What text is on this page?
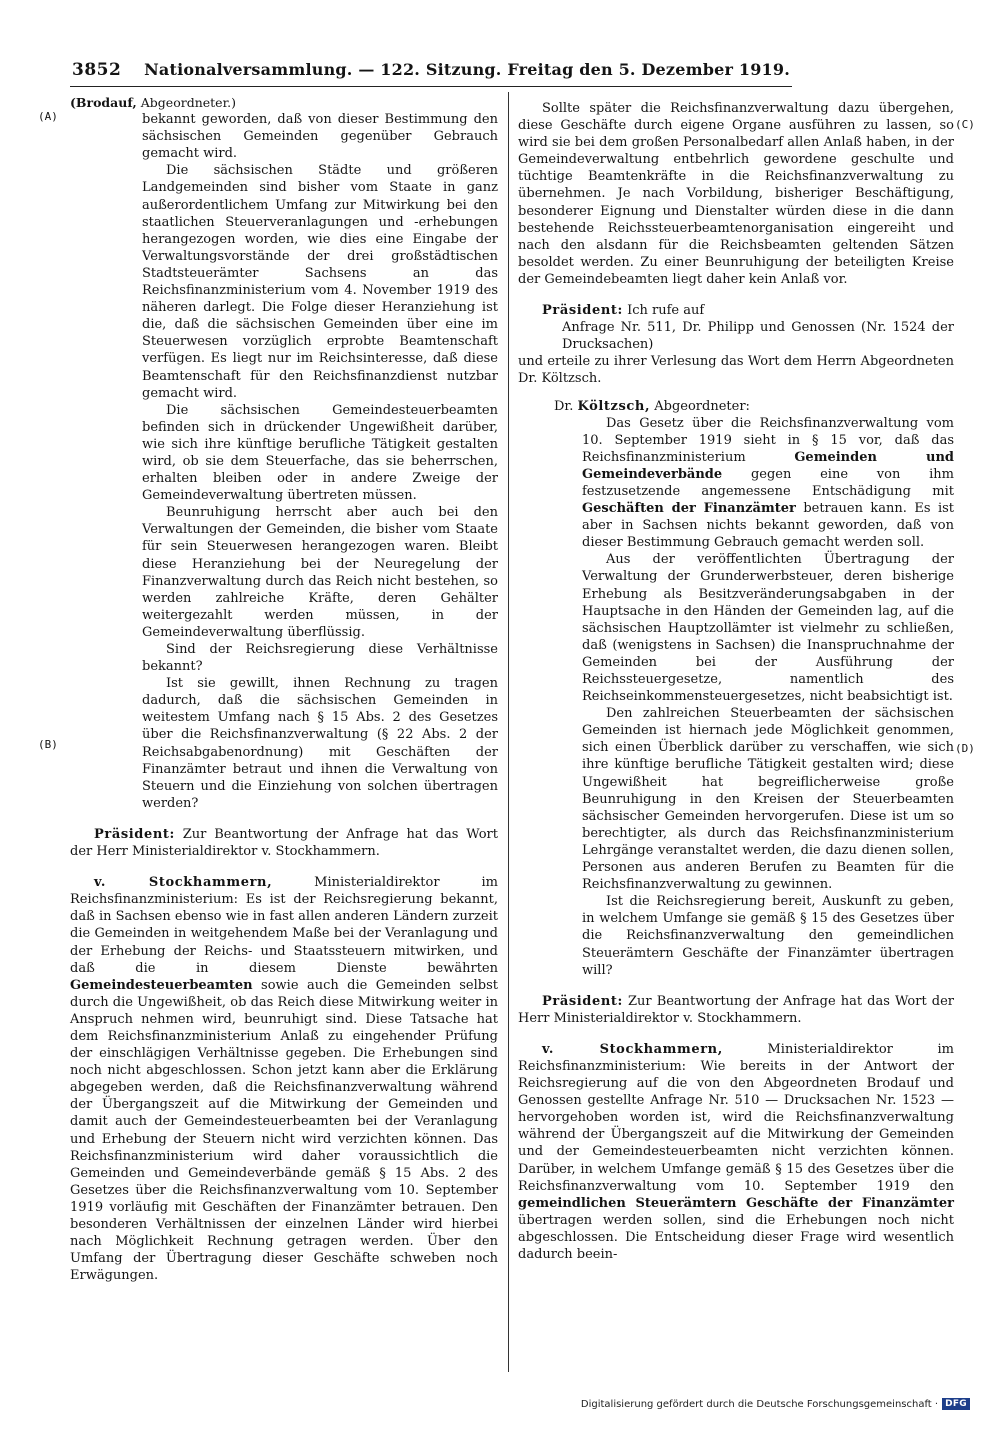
3852 Nationalversammlung. — 122. Sitzung. Freitag den 5. Dezember 1919.
(A)
(B)
(C)
(D)

(Brodauf, Abgeordneter.)

bekannt geworden, daß von dieser Bestimmung den sächsischen Gemeinden gegenüber Gebrauch gemacht wird.

Die sächsischen Städte und größeren Landgemeinden sind bisher vom Staate in ganz außerordentlichem Umfang zur Mitwirkung bei den staatlichen Steuerveranlagungen und -erhebungen herangezogen worden, wie dies eine Eingabe der Verwaltungsvorstände der drei großstädtischen Stadtsteuerämter Sachsens an das Reichsfinanzministerium vom 4. November 1919 des näheren darlegt. Die Folge dieser Heranziehung ist die, daß die sächsischen Gemeinden über eine im Steuerwesen vorzüglich erprobte Beamtenschaft verfügen. Es liegt nur im Reichsinteresse, daß diese Beamtenschaft für den Reichsfinanzdienst nutzbar gemacht wird.

Die sächsischen Gemeindesteuerbeamten befinden sich in drückender Ungewißheit darüber, wie sich ihre künftige berufliche Tätigkeit gestalten wird, ob sie dem Steuerfache, das sie beherrschen, erhalten bleiben oder in andere Zweige der Gemeindeverwaltung übertreten müssen.

Beunruhigung herrscht aber auch bei den Verwaltungen der Gemeinden, die bisher vom Staate für sein Steuerwesen herangezogen waren. Bleibt diese Heranziehung bei der Neuregelung der Finanzverwaltung durch das Reich nicht bestehen, so werden zahlreiche Kräfte, deren Gehälter weitergezahlt werden müssen, in der Gemeindeverwaltung überflüssig.

Sind der Reichsregierung diese Verhältnisse bekannt?

Ist sie gewillt, ihnen Rechnung zu tragen dadurch, daß die sächsischen Gemeinden in weitestem Umfang nach § 15 Abs. 2 des Gesetzes über die Reichsfinanzverwaltung (§ 22 Abs. 2 der Reichsabgabenordnung) mit Geschäften der Finanzämter betraut und ihnen die Verwaltung von Steuern und die Einziehung von solchen übertragen werden?

Präsident: Zur Beantwortung der Anfrage hat das Wort der Herr Ministerialdirektor v. Stockhammern.

v. Stockhammern,	Ministerialdirektor im Reichsfinanzministerium: Es ist der Reichsregierung bekannt, daß in Sachsen ebenso wie in fast allen anderen Ländern zurzeit die Gemeinden in weitgehendem Maße bei der Veranlagung und der Erhebung der Reichs- und Staatssteuern mitwirken, und daß die in diesem Dienste bewährten Gemeindesteuerbeamten sowie auch die Gemeinden selbst durch die Ungewißheit, ob das Reich diese Mitwirkung weiter in Anspruch nehmen wird, beunruhigt sind. Diese Tatsache hat dem Reichsfinanzministerium Anlaß zu eingehender Prüfung der einschlägigen Verhältnisse gegeben. Die Erhebungen sind noch nicht abgeschlossen. Schon jetzt kann aber die Erklärung abgegeben werden, daß die Reichsfinanzverwaltung während der Übergangszeit auf die Mitwirkung der Gemeinden und damit auch der Gemeindesteuerbeamten bei der Veranlagung und Erhebung der Steuern nicht wird verzichten können. Das Reichsfinanzministerium wird daher voraussichtlich die Gemeinden und Gemeindeverbände gemäß § 15 Abs. 2 des Gesetzes über die Reichsfinanzverwaltung vom 10. September 1919 vorläufig mit Geschäften der Finanzämter betrauen. Den besonderen Verhältnissen der einzelnen Länder wird hierbei nach Möglichkeit Rechnung getragen werden. Über den Umfang der Übertragung dieser Geschäfte schweben noch Erwägungen.

Sollte später die Reichsfinanzverwaltung dazu übergehen, diese Geschäfte durch eigene Organe ausführen zu lassen, so wird sie bei dem großen Personalbedarf allen Anlaß haben, in der Gemeindeverwaltung entbehrlich gewordene geschulte und tüchtige Beamtenkräfte in die Reichsfinanzverwaltung zu übernehmen. Je nach Vorbildung, bisheriger Beschäftigung, besonderer Eignung und Dienstalter würden diese in die dann bestehende Reichssteuerbeamtenorganisation eingereiht und nach den alsdann für die Reichsbeamten geltenden Sätzen besoldet werden. Zu einer Beunruhigung der beteiligten Kreise der Gemeindebeamten liegt daher kein Anlaß vor.

Präsident: Ich rufe auf

Anfrage Nr. 511, Dr. Philipp und Genossen (Nr. 1524 der Drucksachen)

und erteile zu ihrer Verlesung das Wort dem Herrn Abgeordneten Dr. Költzsch.

Dr. Költzsch, Abgeordneter:

Das Gesetz über die Reichsfinanzverwaltung vom 10. September 1919 sieht in § 15 vor, daß das Reichsfinanzministerium	Gemeinden und Gemeindeverbände gegen eine von ihm festzusetzende angemessene Entschädigung mit Geschäften der Finanzämter betrauen kann. Es ist aber in Sachsen nichts bekannt geworden, daß von dieser Bestimmung Gebrauch gemacht werden soll.

Aus der veröffentlichten Übertragung der Verwaltung der Grunderwerbsteuer, deren bisherige Erhebung als Besitzveränderungsabgaben in der Hauptsache in den Händen der Gemeinden lag, auf die sächsischen Hauptzollämter ist vielmehr zu schließen, daß (wenigstens in Sachsen) die Inanspruchnahme der Gemeinden bei der Ausführung der Reichssteuergesetze, namentlich des Reichseinkommensteuergesetzes, nicht beabsichtigt ist.

Den zahlreichen Steuerbeamten der sächsischen Gemeinden ist hiernach jede Möglichkeit genommen, sich einen Überblick darüber zu verschaffen, wie sich ihre künftige berufliche Tätigkeit gestalten wird; diese Ungewißheit hat begreiflicherweise große Beunruhigung in den Kreisen der Steuerbeamten sächsischer Gemeinden hervorgerufen. Diese ist um so berechtigter, als durch das Reichsfinanzministerium Lehrgänge veranstaltet werden, die dazu dienen sollen, Personen aus anderen Berufen zu Beamten für die Reichsfinanzverwaltung zu gewinnen.

Ist die Reichsregierung bereit, Auskunft zu geben, in welchem Umfange sie gemäß § 15 des Gesetzes über die Reichsfinanzverwaltung den gemeindlichen Steuerämtern Geschäfte der Finanzämter übertragen will?

Präsident: Zur Beantwortung der Anfrage hat das Wort der Herr Ministerialdirektor v. Stockhammern.

v. Stockhammern,	Ministerialdirektor im Reichsfinanzministerium: Wie bereits in der Antwort der Reichsregierung auf die von den Abgeordneten Brodauf und Genossen gestellte Anfrage Nr. 510 — Drucksachen Nr. 1523 — hervorgehoben worden ist, wird die Reichsfinanzverwaltung während der Übergangszeit auf die Mitwirkung der Gemeinden und der Gemeindesteuerbeamten nicht verzichten können. Darüber, in welchem Umfange gemäß § 15 des Gesetzes über die Reichsfinanzverwaltung vom 10. September 1919 den gemeindlichen Steuerämtern Geschäfte der Finanzämter übertragen werden sollen, sind die Erhebungen noch nicht abgeschlossen. Die Entscheidung dieser Frage wird wesentlich dadurch beein-

Digitalisierung gefördert durch die Deutsche Forschungsgemeinschaft · DFG
